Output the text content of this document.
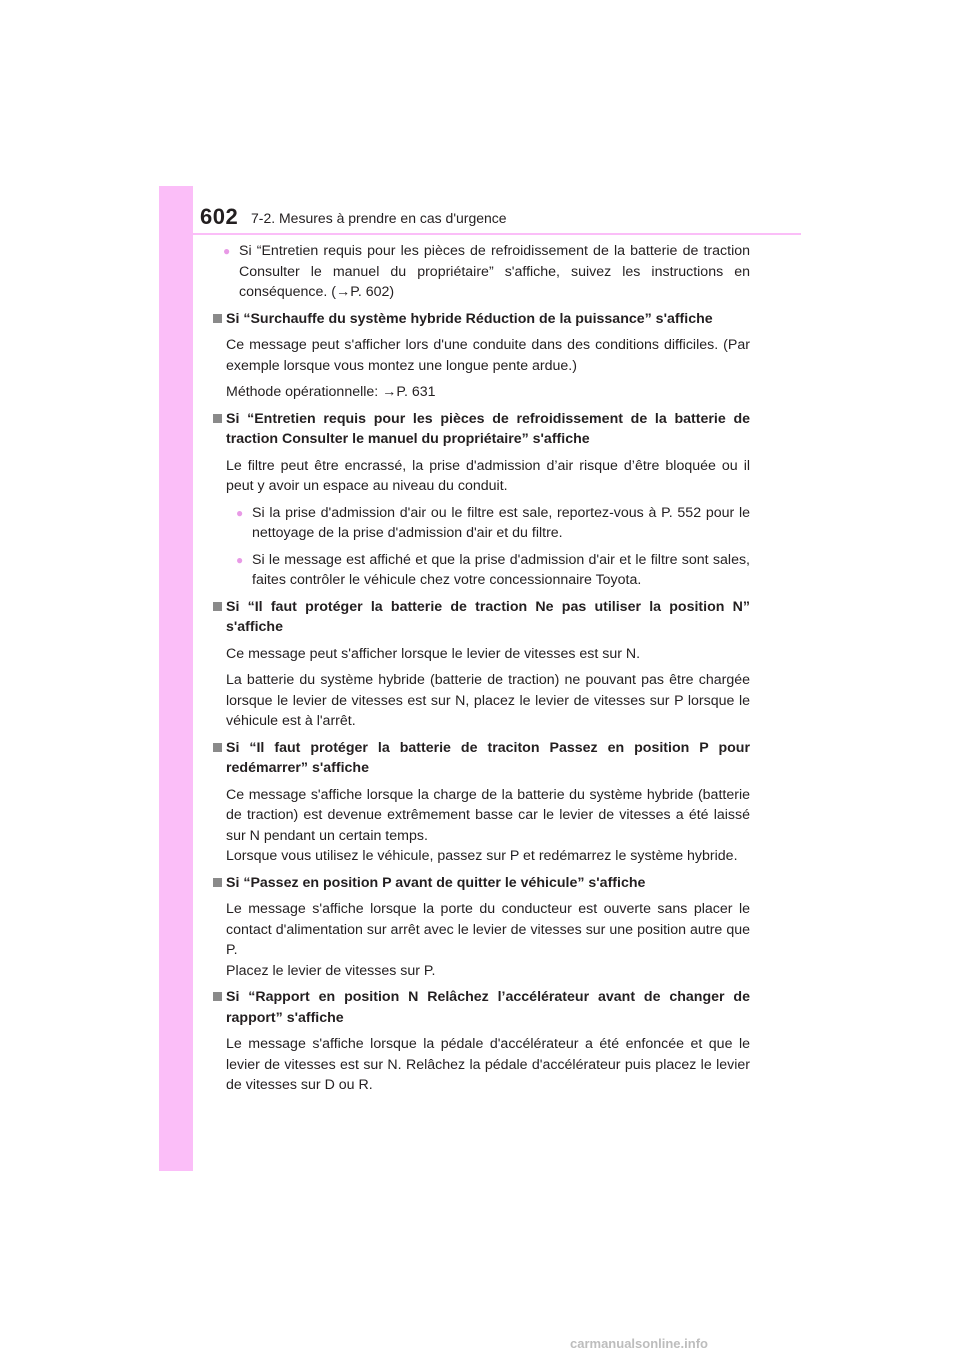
602 7-2. Mesures à prendre en cas d'urgence
● Si “Entretien requis pour les pièces de refroidissement de la batterie de traction Consulter le manuel du propriétaire” s'affiche, suivez les instructions en conséquence. (→P. 602)
Si “Surchauffe du système hybride Réduction de la puissance” s'affiche
Ce message peut s'afficher lors d'une conduite dans des conditions difficiles. (Par exemple lorsque vous montez une longue pente ardue.)
Méthode opérationnelle: →P. 631
Si “Entretien requis pour les pièces de refroidissement de la batterie de traction Consulter le manuel du propriétaire” s'affiche
Le filtre peut être encrassé, la prise d'admission d’air risque d’être bloquée ou il peut y avoir un espace au niveau du conduit.
● Si la prise d'admission d'air ou le filtre est sale, reportez-vous à P. 552 pour le nettoyage de la prise d'admission d'air et du filtre.
● Si le message est affiché et que la prise d'admission d'air et le filtre sont sales, faites contrôler le véhicule chez votre concessionnaire Toyota.
Si “Il faut protéger la batterie de traction Ne pas utiliser la position N” s'affiche
Ce message peut s'afficher lorsque le levier de vitesses est sur N.
La batterie du système hybride (batterie de traction) ne pouvant pas être chargée lorsque le levier de vitesses est sur N, placez le levier de vitesses sur P lorsque le véhicule est à l'arrêt.
Si “Il faut protéger la batterie de traciton Passez en position P pour redémarrer” s'affiche
Ce message s'affiche lorsque la charge de la batterie du système hybride (batterie de traction) est devenue extrêmement basse car le levier de vitesses a été laissé sur N pendant un certain temps.
Lorsque vous utilisez le véhicule, passez sur P et redémarrez le système hybride.
Si “Passez en position P avant de quitter le véhicule” s'affiche
Le message s'affiche lorsque la porte du conducteur est ouverte sans placer le contact d'alimentation sur arrêt avec le levier de vitesses sur une position autre que P.
Placez le levier de vitesses sur P.
Si “Rapport en position N Relâchez l’accélérateur avant de changer de rapport” s'affiche
Le message s'affiche lorsque la pédale d'accélérateur a été enfoncée et que le levier de vitesses est sur N. Relâchez la pédale d'accélérateur puis placez le levier de vitesses sur D ou R.
carmanualsonline.info
